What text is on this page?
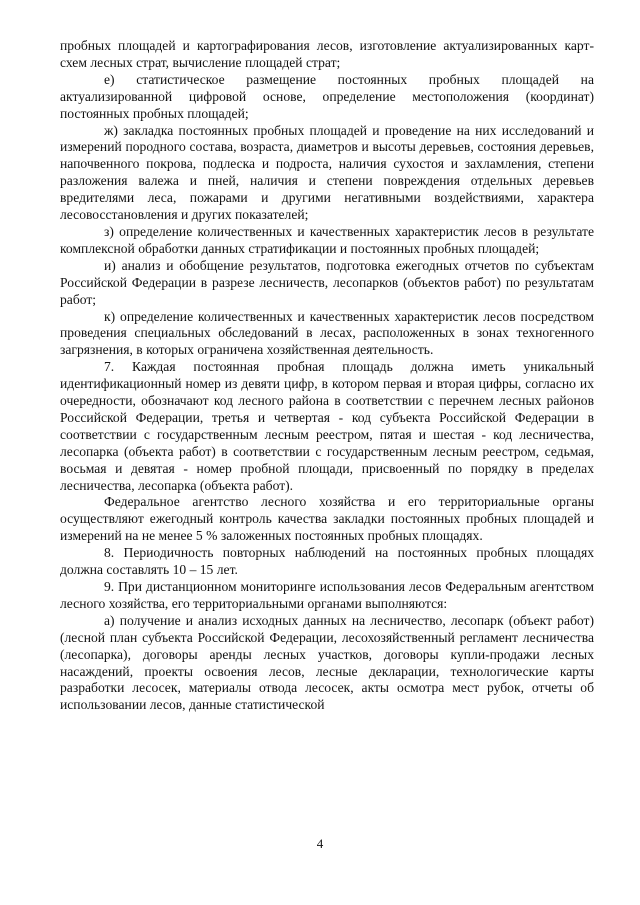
пробных площадей и картографирования лесов, изготовление актуализированных карт-схем лесных страт, вычисление площадей страт;

е) статистическое размещение постоянных пробных площадей на актуализированной цифровой основе, определение местоположения (координат) постоянных пробных площадей;

ж) закладка постоянных пробных площадей и проведение на них исследований и измерений породного состава, возраста, диаметров и высоты деревьев, состояния деревьев, напочвенного покрова, подлеска и подроста, наличия сухостоя и захламления, степени разложения валежа и пней, наличия и степени повреждения отдельных деревьев вредителями леса, пожарами и другими негативными воздействиями, характера лесовосстановления и других показателей;

з) определение количественных и качественных характеристик лесов в результате комплексной обработки данных стратификации и постоянных пробных площадей;

и) анализ и обобщение результатов, подготовка ежегодных отчетов по субъектам Российской Федерации в разрезе лесничеств, лесопарков (объектов работ) по результатам работ;

к) определение количественных и качественных характеристик лесов посредством проведения специальных обследований в лесах, расположенных в зонах техногенного загрязнения, в которых ограничена хозяйственная деятельность.

7. Каждая постоянная пробная площадь должна иметь уникальный идентификационный номер из девяти цифр, в котором первая и вторая цифры, согласно их очередности, обозначают код лесного района в соответствии с перечнем лесных районов Российской Федерации, третья и четвертая - код субъекта Российской Федерации в соответствии с государственным лесным реестром, пятая и шестая - код лесничества, лесопарка (объекта работ) в соответствии с государственным лесным реестром, седьмая, восьмая и девятая - номер пробной площади, присвоенный по порядку в пределах лесничества, лесопарка (объекта работ).

Федеральное агентство лесного хозяйства и его территориальные органы осуществляют ежегодный контроль качества закладки постоянных пробных площадей и измерений на не менее 5 % заложенных постоянных пробных площадях.

8. Периодичность повторных наблюдений на постоянных пробных площадях должна составлять 10 – 15 лет.

9. При дистанционном мониторинге использования лесов Федеральным агентством лесного хозяйства, его территориальными органами выполняются:

а) получение и анализ исходных данных на лесничество, лесопарк (объект работ) (лесной план субъекта Российской Федерации, лесохозяйственный регламент лесничества (лесопарка), договоры аренды лесных участков, договоры купли-продажи лесных насаждений, проекты освоения лесов, лесные декларации, технологические карты разработки лесосек, материалы отвода лесосек, акты осмотра мест рубок, отчеты об использовании лесов, данные статистической

4
